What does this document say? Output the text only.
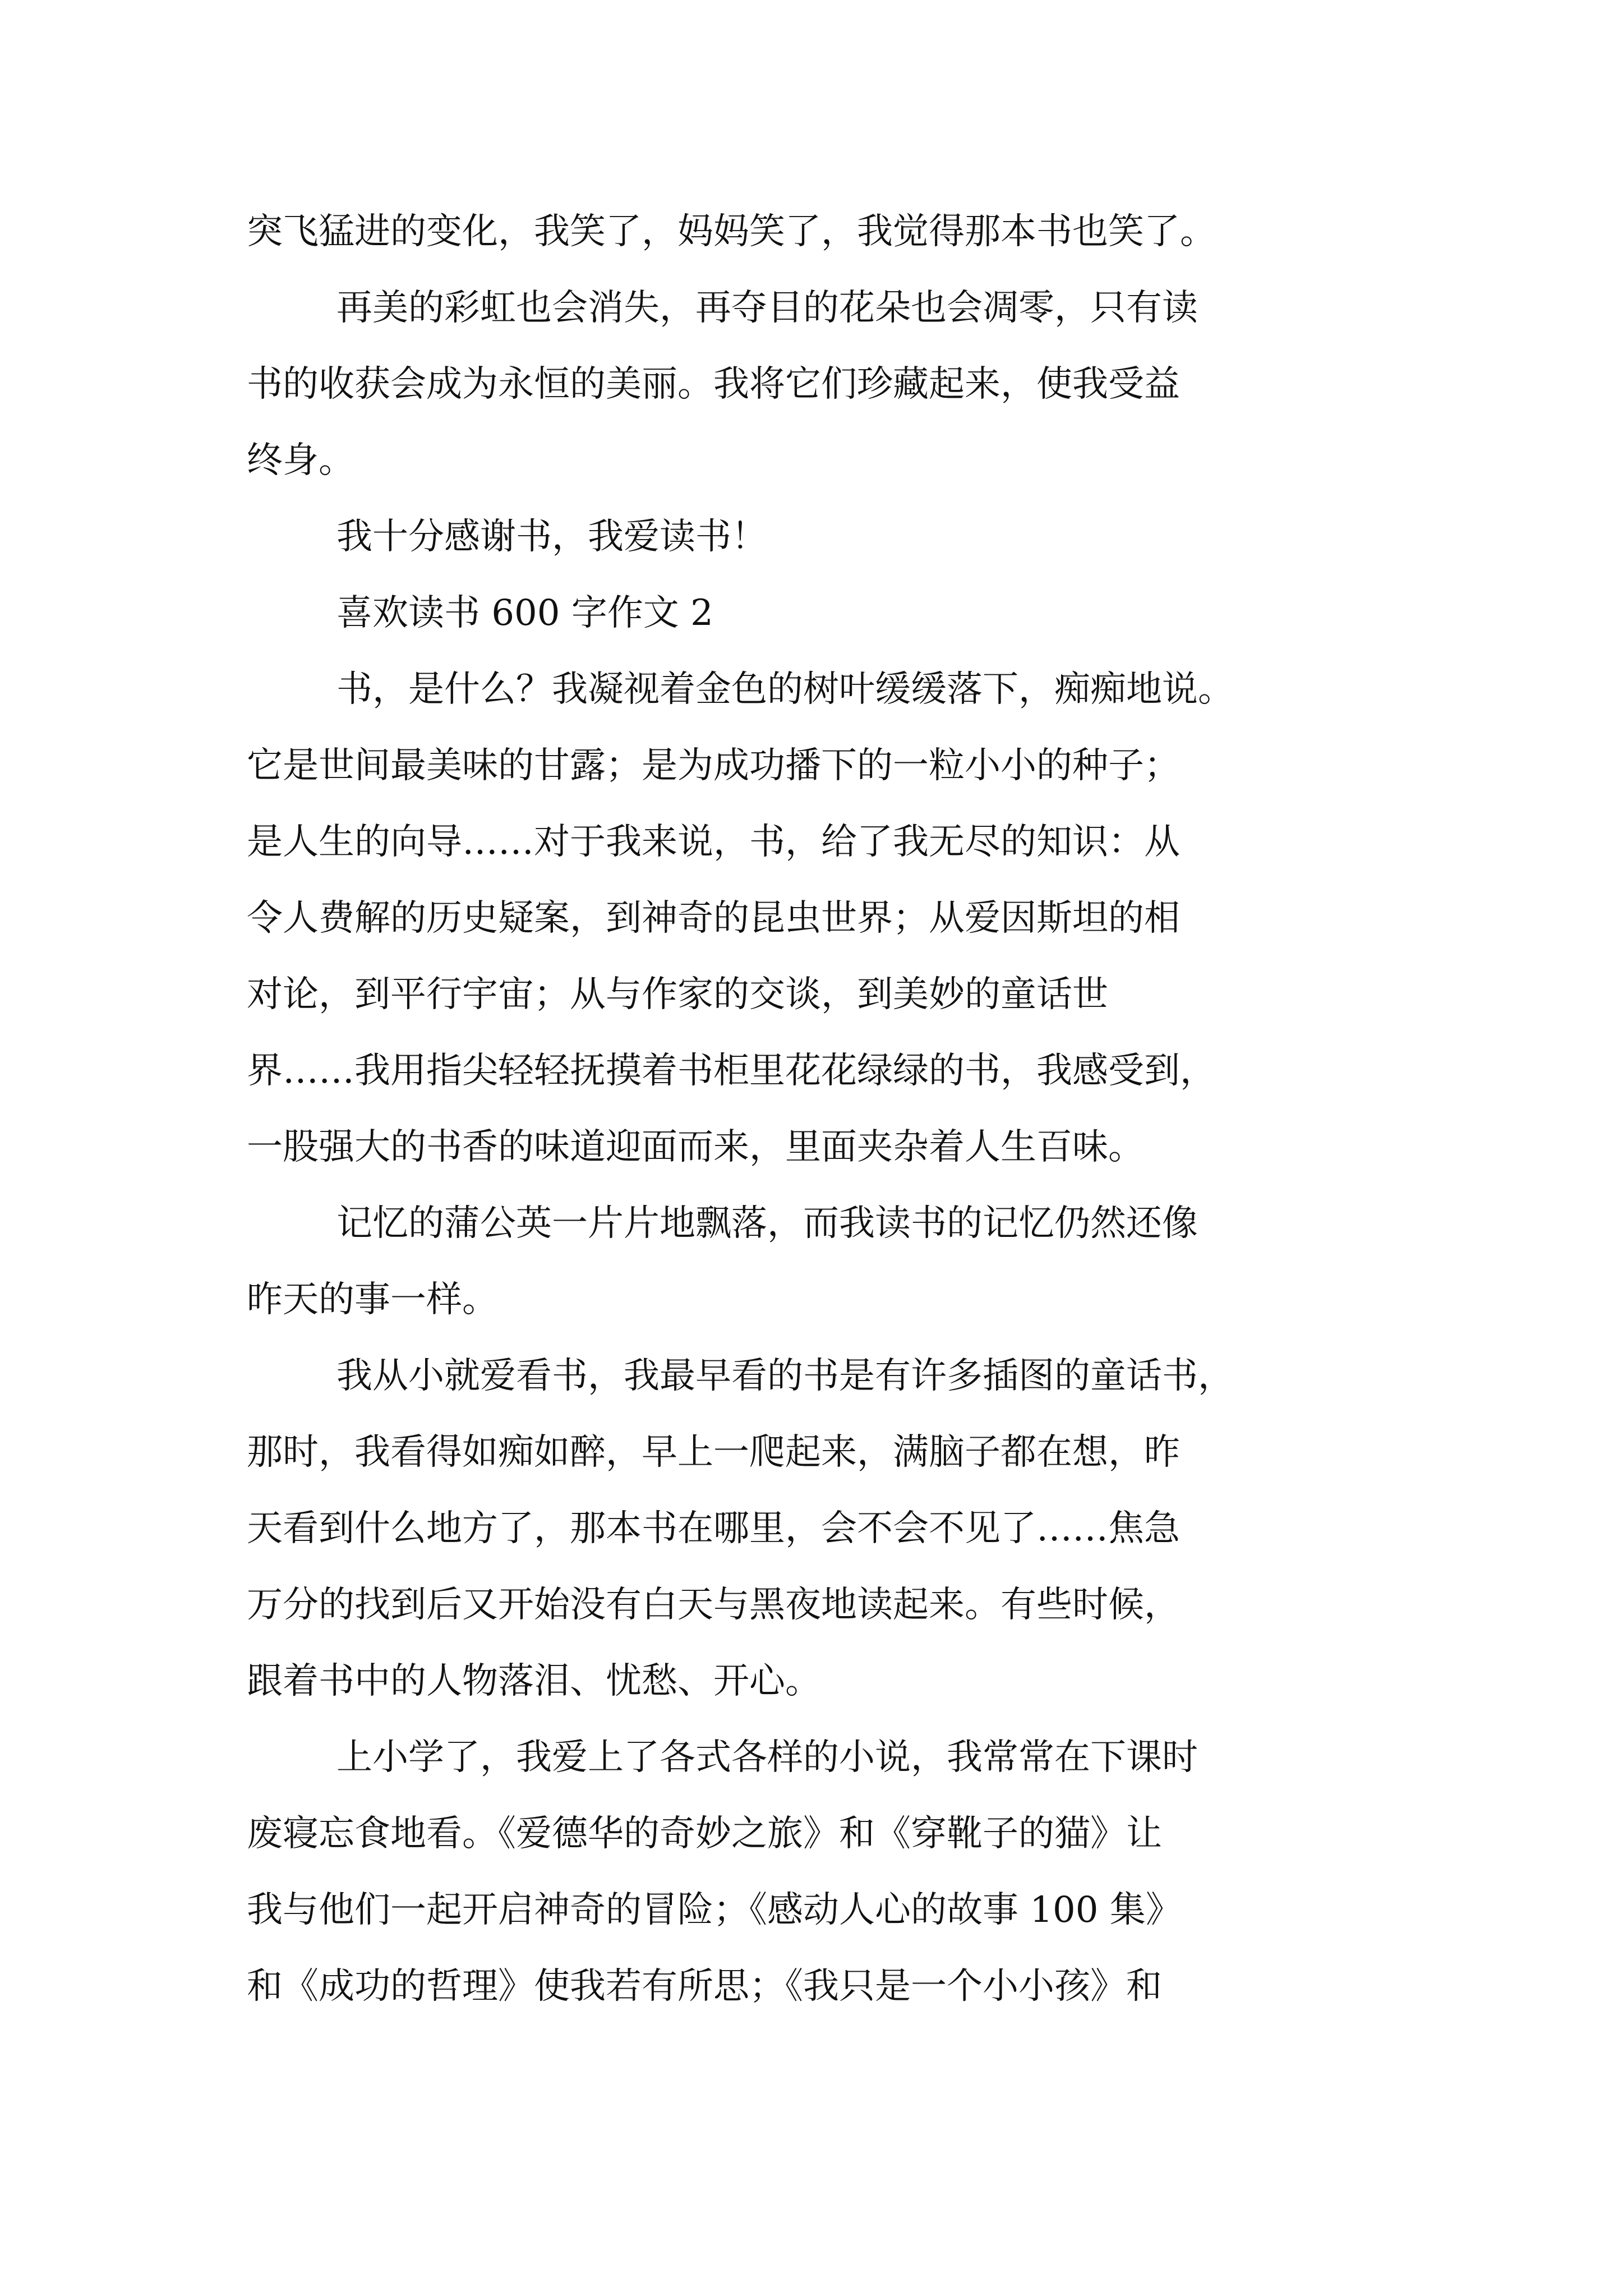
突飞猛进的变化，我笑了，妈妈笑了，我觉得那本书也笑了。
再美的彩虹也会消失，再夺目的花朵也会凋零，只有读
书的收获会成为永恒的美丽。我将它们珍藏起来，使我受益
终身。
我十分感谢书，我爱读书！
喜欢读书 600 字作文 2
书，是什么？我凝视着金色的树叶缓缓落下，痴痴地说。
它是世间最美味的甘露；是为成功播下的一粒小小的种子；
是人生的向导……对于我来说，书，给了我无尽的知识：从
令人费解的历史疑案，到神奇的昆虫世界；从爱因斯坦的相
对论，到平行宇宙；从与作家的交谈，到美妙的童话世
界……我用指尖轻轻抚摸着书柜里花花绿绿的书，我感受到，
一股强大的书香的味道迎面而来，里面夹杂着人生百味。
记忆的蒲公英一片片地飘落，而我读书的记忆仍然还像
昨天的事一样。
我从小就爱看书，我最早看的书是有许多插图的童话书，
那时，我看得如痴如醉，早上一爬起来，满脑子都在想，昨
天看到什么地方了，那本书在哪里，会不会不见了……焦急
万分的找到后又开始没有白天与黑夜地读起来。有些时候，
跟着书中的人物落泪、忧愁、开心。
上小学了，我爱上了各式各样的小说，我常常在下课时
废寝忘食地看。《爱德华的奇妙之旅》和《穿靴子的猫》让
我与他们一起开启神奇的冒险；《感动人心的故事 100 集》
和《成功的哲理》使我若有所思；《我只是一个小小孩》和
